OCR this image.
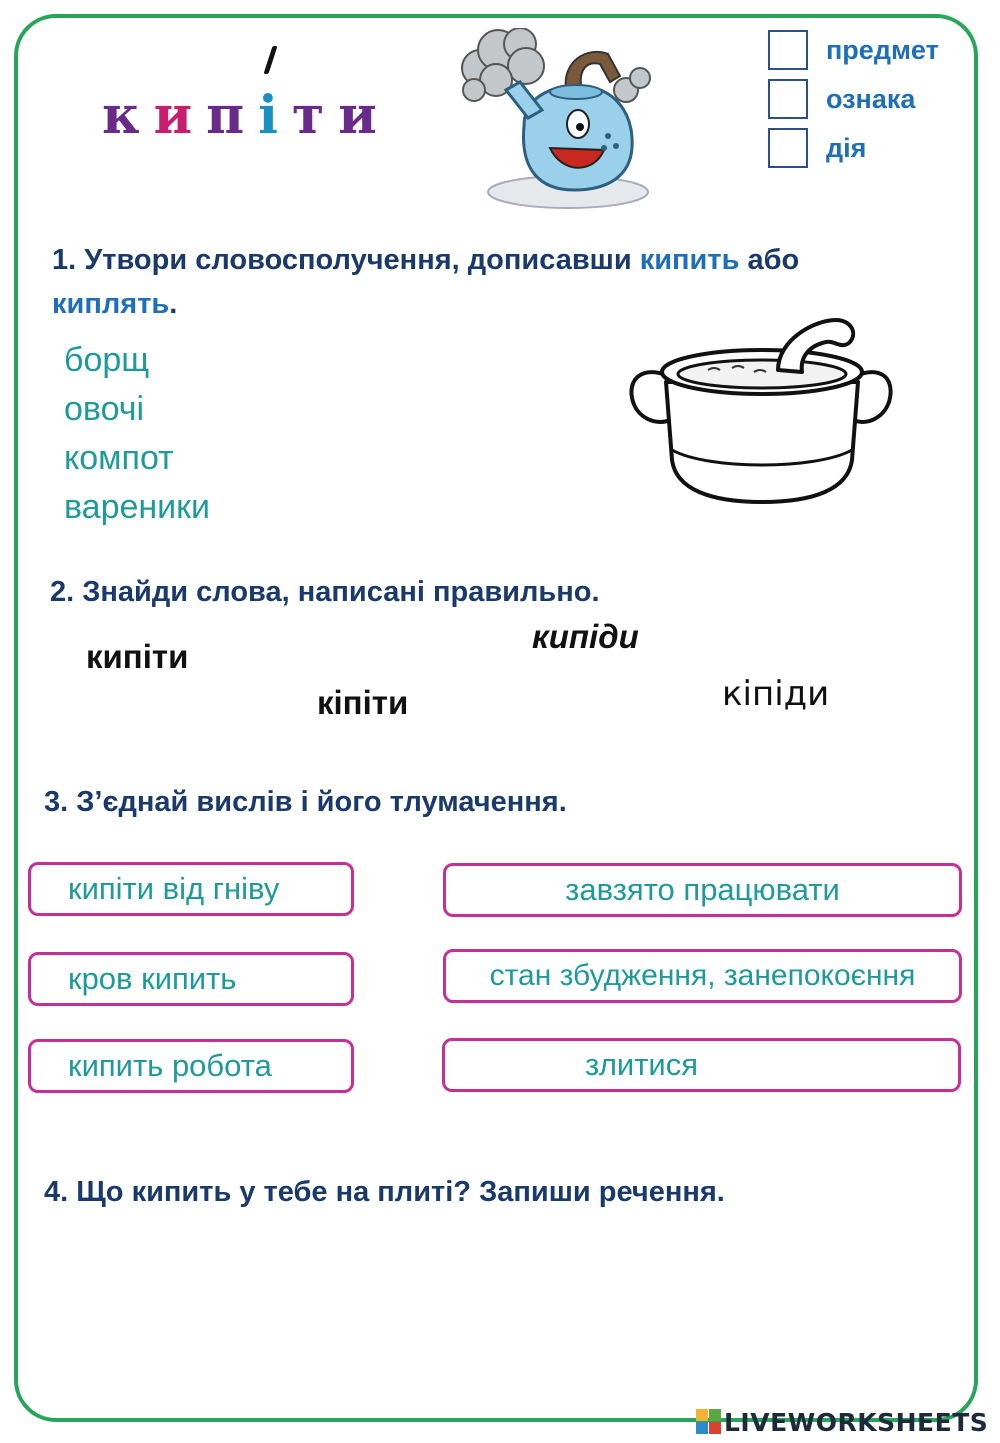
к и п і т и
предмет
ознака
дія
1. Утвори словосполучення, дописавши кипить або
киплять.
борщ
овочі
компот
вареники
2. Знайди слова, написані правильно.
кипіти
кіпіти
кипіди
кіпіди
3. З’єднай вислів і його тлумачення.
кипіти від гніву
кров кипить
кипить робота
завзято працювати
стан збудження, занепокоєння
злитися
4. Що кипить у тебе на плиті? Запиши речення.
LIVEWORKSHEETS
